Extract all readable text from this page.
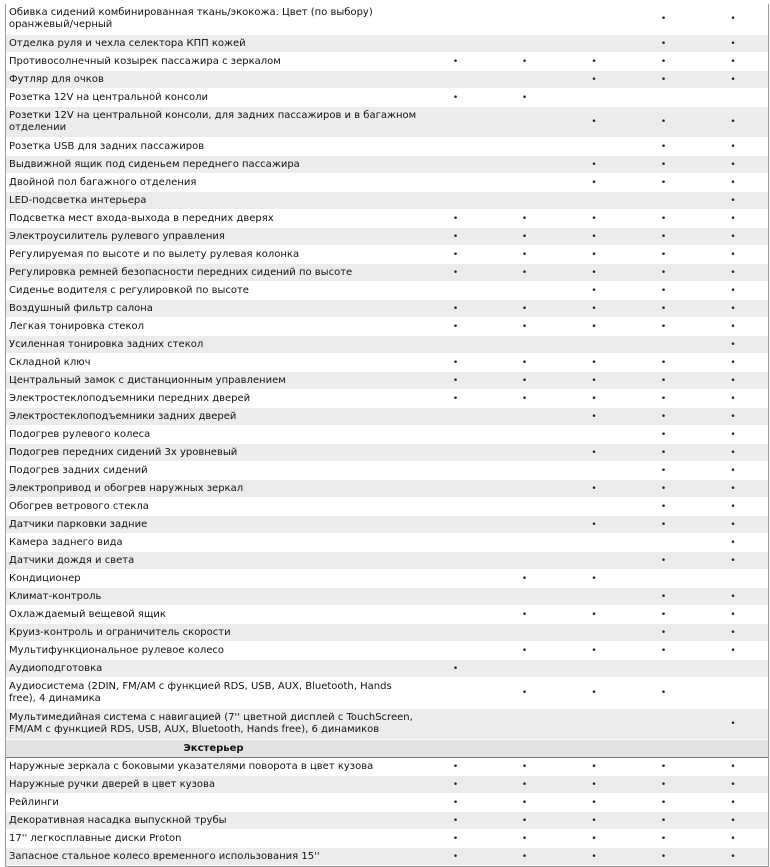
Обивка сидений комбинированная ткань/экокожа. Цвет (по выбору) оранжевый/черный				•	•
Отделка руля и чехла селектора КПП кожей				•	•
Противосолнечный козырек пассажира с зеркалом	•	•	•	•	•
Футляр для очков			•	•	•
Розетка 12V на центральной консоли	•	•			
Розетки 12V на центральной консоли, для задних пассажиров и в багажном отделении			•	•	•
Розетка USB для задних пассажиров				•	•
Выдвижной ящик под сиденьем переднего пассажира			•	•	•
Двойной пол багажного отделения			•	•	•
LED-подсветка интерьера					•
Подсветка мест входа-выхода в передних дверях	•	•	•	•	•
Электроусилитель рулевого управления	•	•	•	•	•
Регулируемая по высоте и по вылету рулевая колонка	•	•	•	•	•
Регулировка ремней безопасности передних сидений по высоте	•	•	•	•	•
Сиденье водителя с регулировкой по высоте			•	•	•
Воздушный фильтр салона	•	•	•	•	•
Легкая тонировка стекол	•	•	•	•	•
Усиленная тонировка задних стекол					•
Складной ключ	•	•	•	•	•
Центральный замок с дистанционным управлением	•	•	•	•	•
Электростеклоподъемники передних дверей	•	•	•	•	•
Электростеклоподъемники задних дверей			•	•	•
Подогрев рулевого колеса				•	•
Подогрев передних сидений 3х уровневый			•	•	•
Подогрев задних сидений				•	•
Электропривод и обогрев наружных зеркал			•	•	•
Обогрев ветрового стекла				•	•
Датчики парковки задние			•	•	•
Камера заднего вида					•
Датчики дождя и света				•	•
Кондиционер		•	•		
Климат-контроль				•	•
Охлаждаемый вещевой ящик		•	•	•	•
Круиз-контроль и ограничитель скорости				•	•
Мультифункциональное рулевое колесо		•	•	•	•
Аудиоподготовка	•				
Аудиосистема (2DIN, FM/AM с функцией RDS, USB, AUX, Bluetooth, Hands free), 4 динамика		•	•	•	
Мультимедийная система с навигацией (7'' цветной дисплей с TouchScreen, FM/AM с функцией RDS, USB, AUX, Bluetooth, Hands free), 6 динамиков					•
Экстерьер					
Наружные зеркала с боковыми указателями поворота в цвет кузова	•	•	•	•	•
Наружные ручки дверей в цвет кузова	•	•	•	•	•
Рейлинги	•	•	•	•	•
Декоративная насадка выпускной трубы	•	•	•	•	•
17'' легкосплавные диски Proton	•	•	•	•	•
Запасное стальное колесо временного использования 15''	•	•	•	•	•
